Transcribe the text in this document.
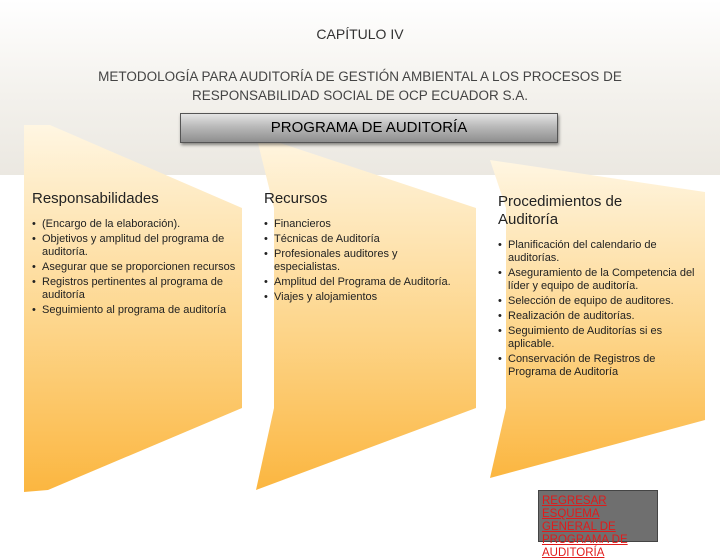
CAPÍTULO IV
METODOLOGÍA PARA AUDITORÍA DE GESTIÓN AMBIENTAL A LOS PROCESOS DE RESPONSABILIDAD SOCIAL DE OCP ECUADOR S.A.
PROGRAMA DE AUDITORÍA
Responsabilidades
• (Encargo de la elaboración).
• Objetivos y amplitud del programa de auditoría.
• Asegurar que se proporcionen recursos
• Registros pertinentes al programa de auditoría
• Seguimiento al programa de auditoría
Recursos
• Financieros
• Técnicas de Auditoría
• Profesionales auditores y especialistas.
• Amplitud del Programa de Auditoría.
• Viajes y alojamientos
Procedimientos de Auditoría
• Planificación del calendario de auditorías.
• Aseguramiento de la Competencia del líder y equipo de auditoría.
• Selección de equipo de auditores.
• Realización de auditorías.
• Seguimiento de Auditorías si es aplicable.
• Conservación de Registros de Programa de Auditoría
REGRESAR ESQUEMA GENERAL DE PROGRAMA DE AUDITORÍA
